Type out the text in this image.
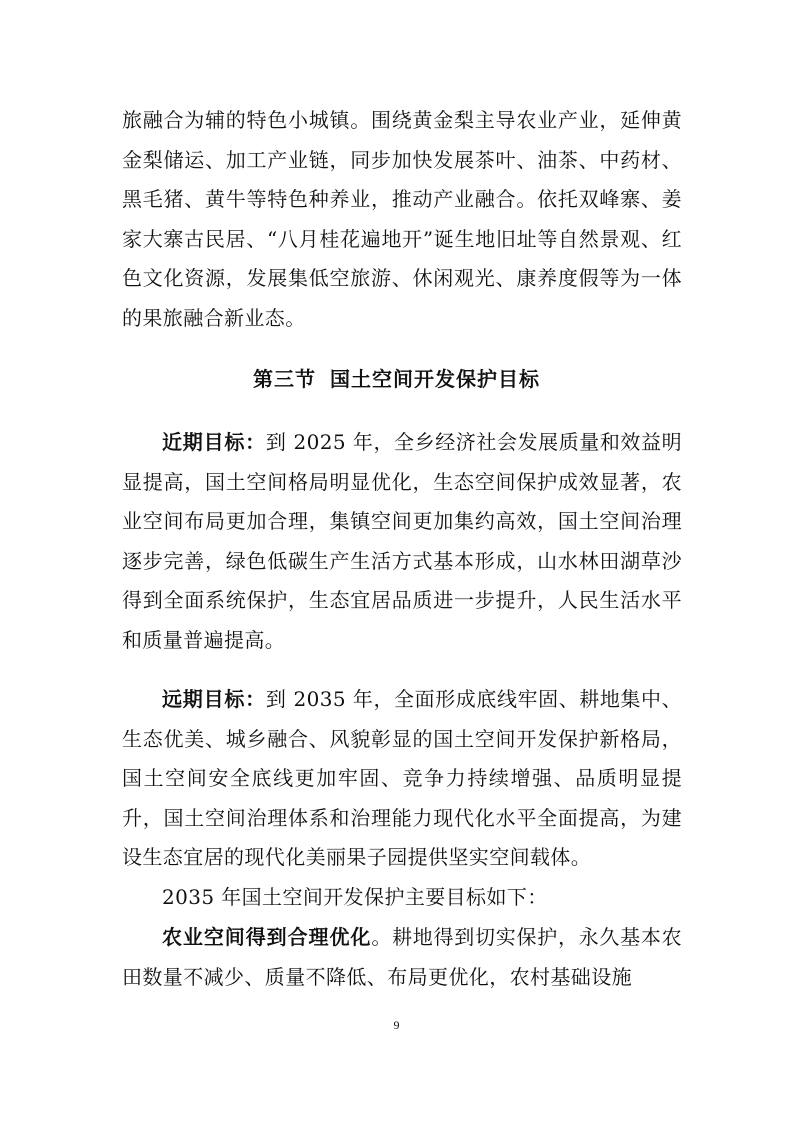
旅融合为辅的特色小城镇。围绕黄金梨主导农业产业，延伸黄金梨储运、加工产业链，同步加快发展茶叶、油茶、中药材、黑毛猪、黄牛等特色种养业，推动产业融合。依托双峰寨、姜家大寨古民居、“八月桂花遍地开”诞生地旧址等自然景观、红色文化资源，发展集低空旅游、休闲观光、康养度假等为一体的果旅融合新业态。

第三节 国土空间开发保护目标

近期目标：到 2025 年，全乡经济社会发展质量和效益明显提高，国土空间格局明显优化，生态空间保护成效显著，农业空间布局更加合理，集镇空间更加集约高效，国土空间治理逐步完善，绿色低碳生产生活方式基本形成，山水林田湖草沙得到全面系统保护，生态宜居品质进一步提升，人民生活水平和质量普遍提高。

远期目标：到 2035 年，全面形成底线牢固、耕地集中、生态优美、城乡融合、风貌彰显的国土空间开发保护新格局，国土空间安全底线更加牢固、竞争力持续增强、品质明显提升，国土空间治理体系和治理能力现代化水平全面提高，为建设生态宜居的现代化美丽果子园提供坚实空间载体。

2035 年国土空间开发保护主要目标如下：

农业空间得到合理优化。耕地得到切实保护，永久基本农田数量不减少、质量不降低、布局更优化，农村基础设施

9
